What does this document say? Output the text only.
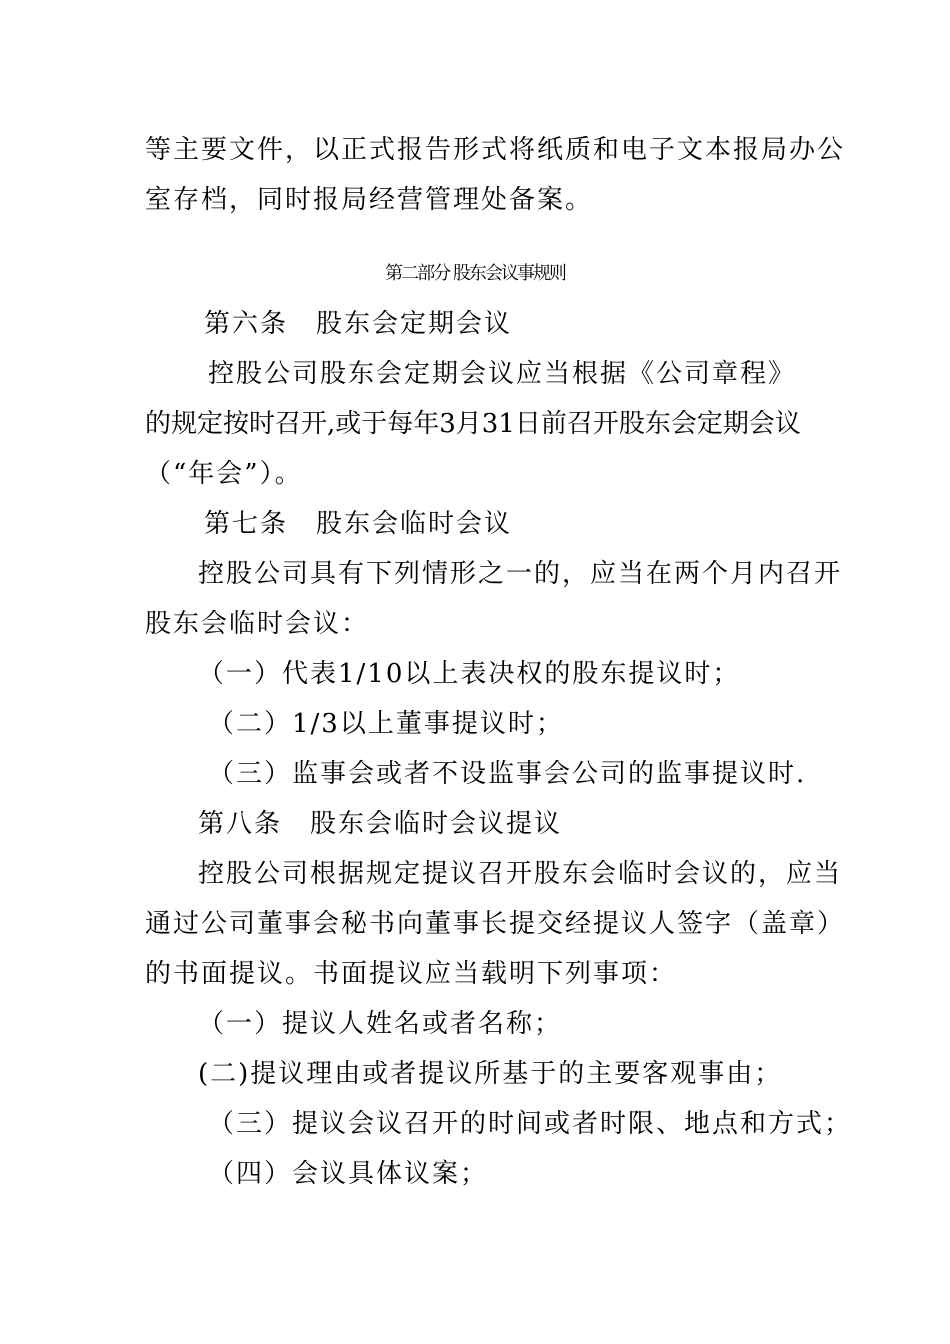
等主要文件，以正式报告形式将纸质和电子文本报局办公
室存档，同时报局经营管理处备案。
第二部分 股东会议事规则
第六条　股东会定期会议
控股公司股东会定期会议应当根据《公司章程》
的规定按时召开,或于每年3月31日前召开股东会定期会议
（“年会”）。
第七条　股东会临时会议
控股公司具有下列情形之一的，应当在两个月内召开
股东会临时会议：
（一）代表1/10以上表决权的股东提议时；
（二）1/3以上董事提议时；
（三）监事会或者不设监事会公司的监事提议时.
第八条　股东会临时会议提议
控股公司根据规定提议召开股东会临时会议的，应当
通过公司董事会秘书向董事长提交经提议人签字（盖章）
的书面提议。书面提议应当载明下列事项：
（一）提议人姓名或者名称；
(二)提议理由或者提议所基于的主要客观事由；
（三）提议会议召开的时间或者时限、地点和方式；
（四）会议具体议案；
